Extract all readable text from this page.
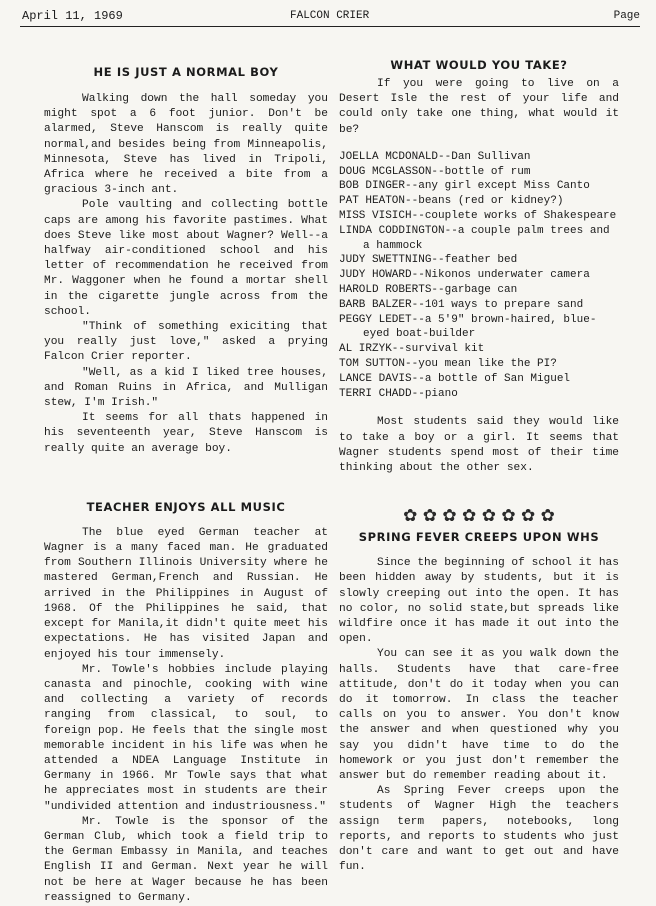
April 11, 1969	FALCON CRIER	Page
HE IS JUST A NORMAL BOY

Walking down the hall someday you might spot a 6 foot junior. Don't be alarmed, Steve Hanscom is really quite normal,and besides being from Minneapolis, Minnesota, Steve has lived in Tripoli, Africa where he received a bite from a gracious 3-inch ant.

Pole vaulting and collecting bottle caps are among his favorite pastimes. What does Steve like most about Wagner? Well--a halfway air-conditioned school and his letter of recommendation he received from Mr. Waggoner when he found a mortar shell in the cigarette jungle across from the school.

"Think of something exiciting that you really just love," asked a prying Falcon Crier reporter.

"Well, as a kid I liked tree houses, and Roman Ruins in Africa, and Mulligan stew, I'm Irish."

It seems for all thats happened in his seventeenth year, Steve Hanscom is really quite an average boy.

TEACHER ENJOYS ALL MUSIC

The blue eyed German teacher at Wagner is a many faced man. He graduated from Southern Illinois University where he mastered German,French and Russian. He arrived in the Philippines in August of 1968. Of the Philippines he said, that except for Manila,it didn't quite meet his expectations. He has visited Japan and enjoyed his tour immensely.

Mr. Towle's hobbies include playing canasta and pinochle, cooking with wine and collecting a variety of records ranging from classical, to soul, to foreign pop. He feels that the single most memorable incident in his life was when he attended a NDEA Language Institute in Germany in 1966. Mr Towle says that what he appreciates most in students are their "undivided attention and industriousness."

Mr. Towle is the sponsor of the German Club, which took a field trip to the German Embassy in Manila, and teaches English II and German. Next year he will not be here at Wager because he has been reassigned to Germany.

WHAT WOULD YOU TAKE?

If you were going to live on a Desert Isle the rest of your life and could only take one thing, what would it be?

JOELLA MCDONALD--Dan Sullivan
DOUG MCGLASSON--bottle of rum
BOB DINGER--any girl except Miss Canto
PAT HEATON--beans (red or kidney?)
MISS VISICH--couplete works of Shakespeare
LINDA CODDINGTON--a couple palm trees and a hammock
JUDY SWETTNING--feather bed
JUDY HOWARD--Nikonos underwater camera
HAROLD ROBERTS--garbage can
BARB BALZER--101 ways to prepare sand
PEGGY LEDET--a 5'9" brown-haired, blue-eyed boat-builder
AL IRZYK--survival kit
TOM SUTTON--you mean like the PI?
LANCE DAVIS--a bottle of San Miguel
TERRI CHADD--piano

Most students said they would like to take a boy or a girl. It seems that Wagner students spend most of their time thinking about the other sex.

✿ ✿ ✿ ✿ ✿ ✿ ✿ ✿
SPRING FEVER CREEPS UPON WHS

Since the beginning of school it has been hidden away by students, but it is slowly creeping out into the open. It has no color, no solid state,but spreads like wildfire once it has made it out into the open.

You can see it as you walk down the halls. Students have that care-free attitude, don't do it today when you can do it tomorrow. In class the teacher calls on you to answer. You don't know the answer and when questioned why you say you didn't have time to do the homework or you just don't remember the answer but do remember reading about it.

As Spring Fever creeps upon the students of Wagner High the teachers assign term papers, notebooks, long reports, and reports to students who just don't care and want to get out and have fun.
